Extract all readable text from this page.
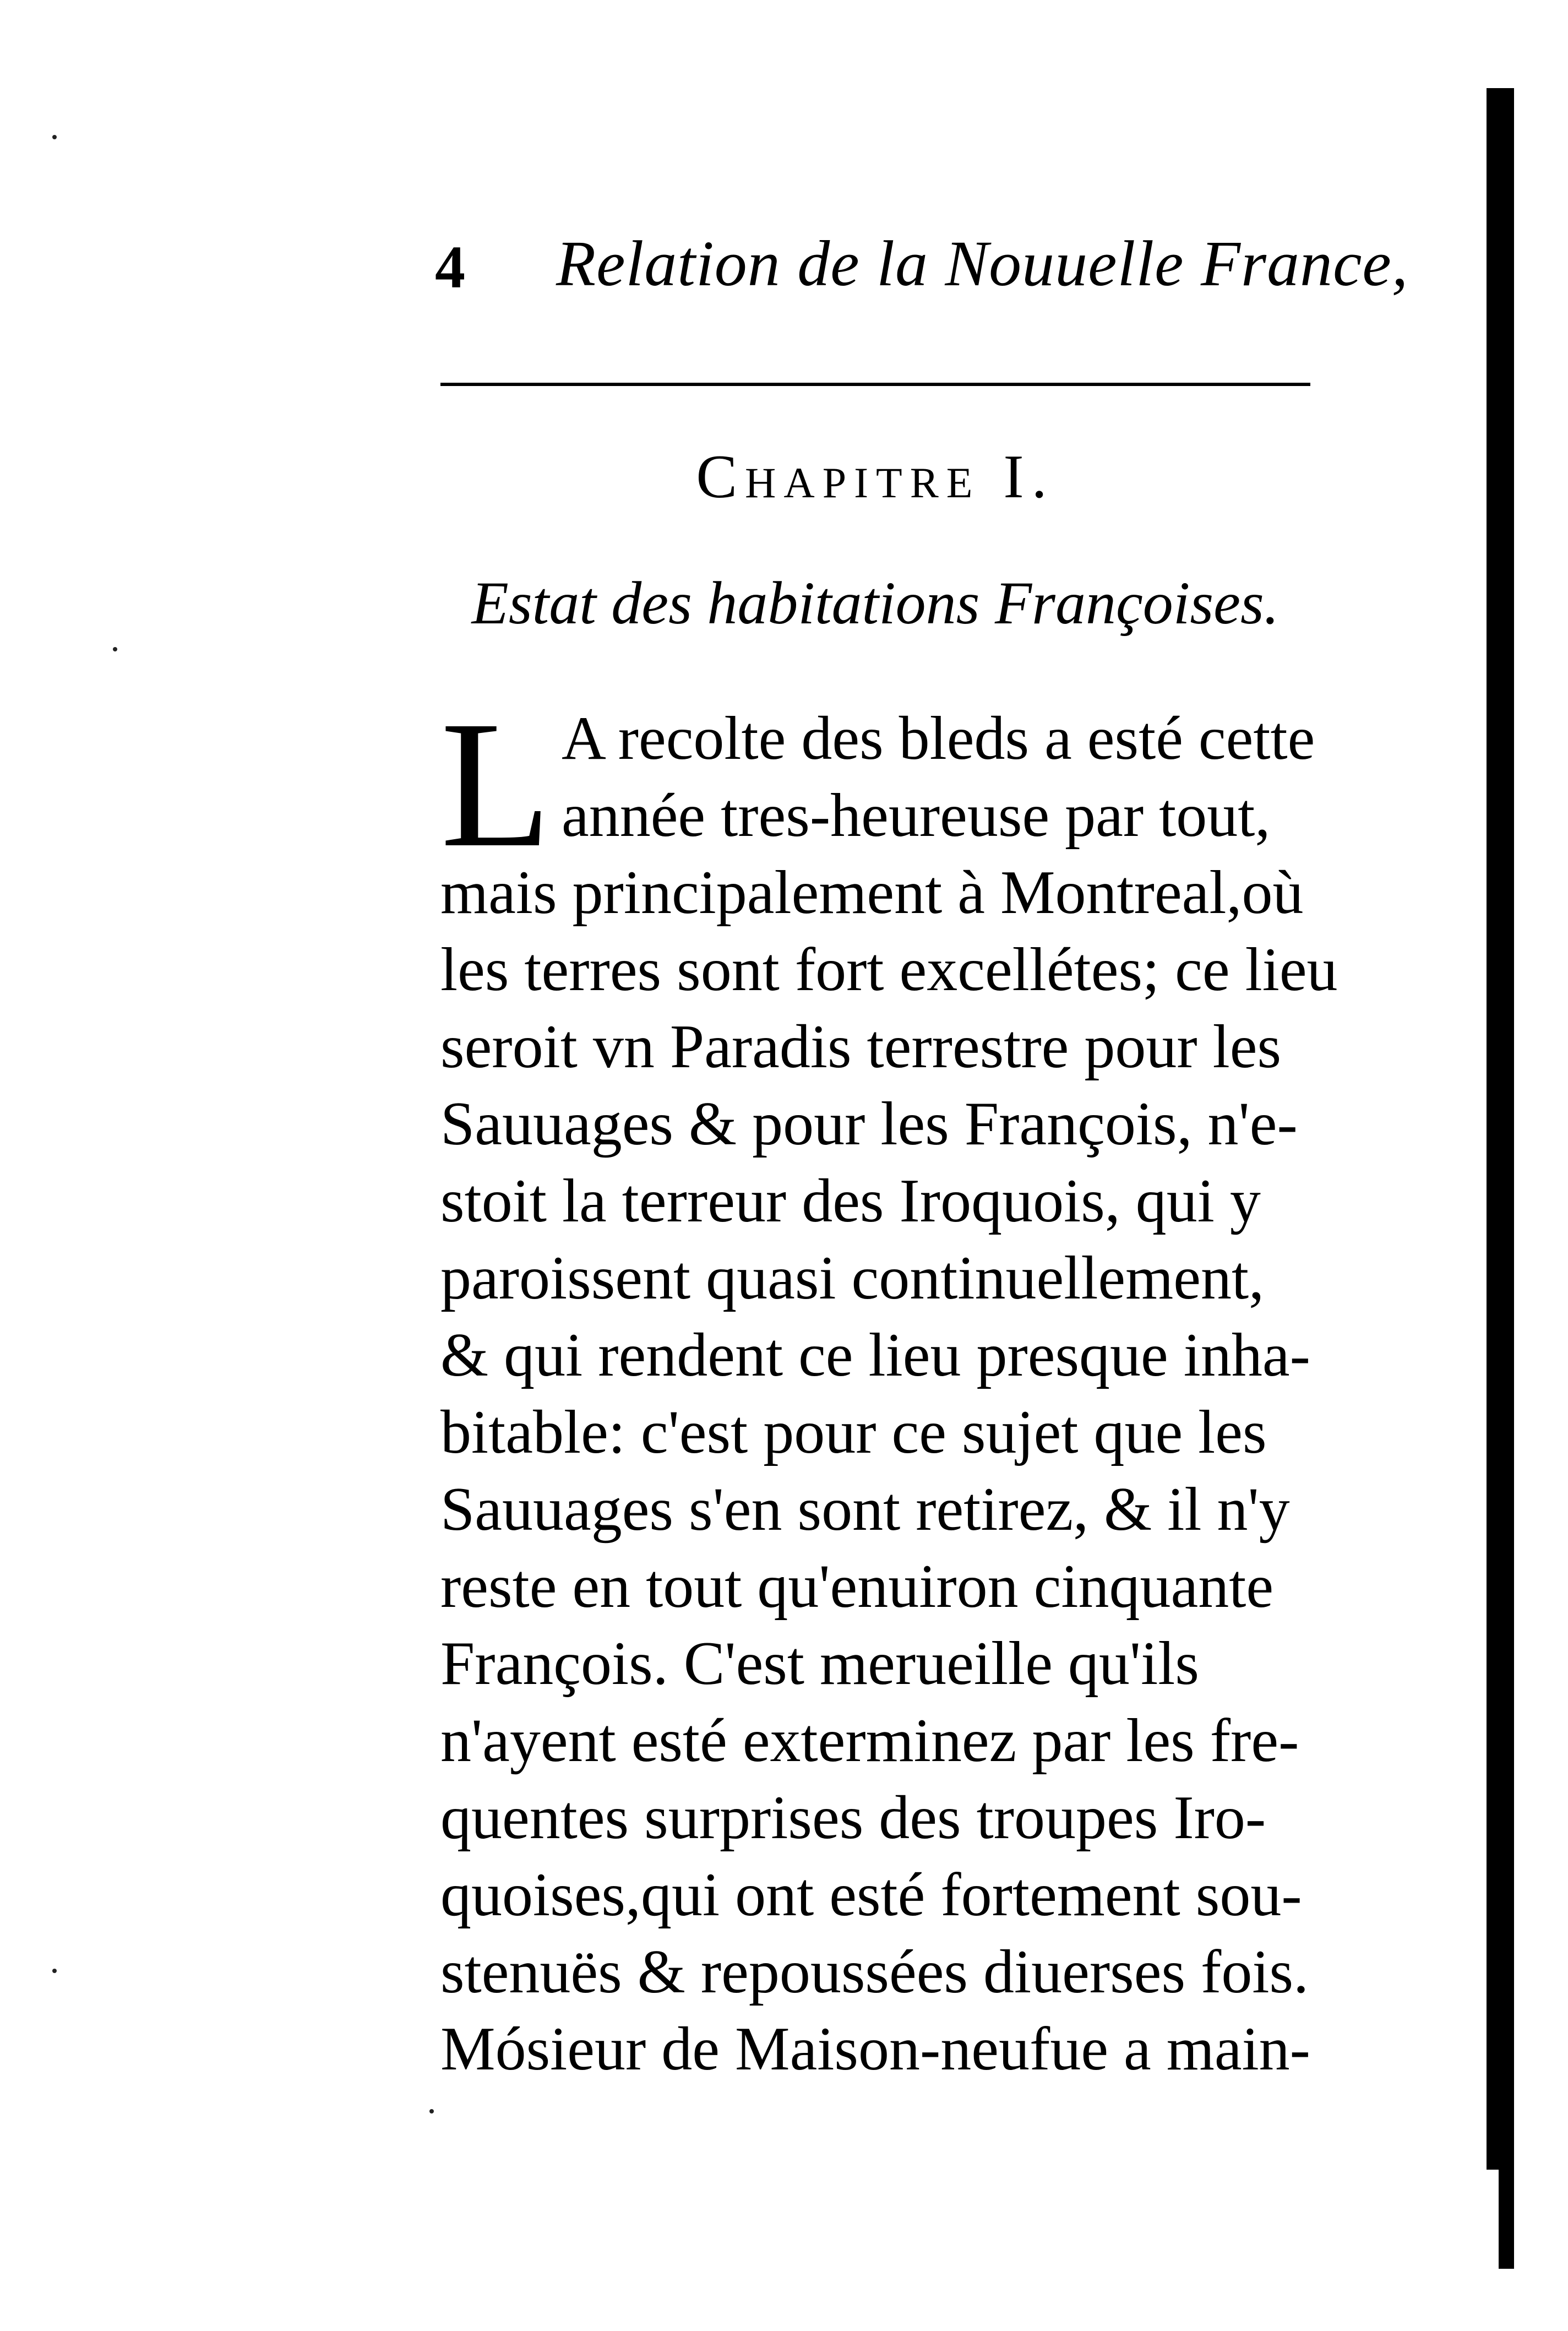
4 Relation de la Nouuelle France,
Chapitre I.
Estat des habitations Françoises.
L A recolte des bleds a esté cette
année tres-heureuse par tout,
mais principalement à Montreal,où
les terres sont fort excellétes; ce lieu
seroit vn Paradis terrestre pour les
Sauuages & pour les François, n'e-
stoit la terreur des Iroquois, qui y
paroissent quasi continuellement,
& qui rendent ce lieu presque inha-
bitable: c'est pour ce sujet que les
Sauuages s'en sont retirez, & il n'y
reste en tout qu'enuiron cinquante
François. C'est merueille qu'ils
n'ayent esté exterminez par les fre-
quentes surprises des troupes Iro-
quoises,qui ont esté fortement sou-
stenuës & repoussées diuerses fois.
Mósieur de Maison-neufue a main-
